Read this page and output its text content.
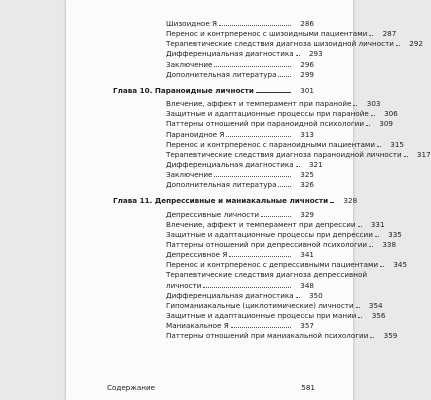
Шизоидное Я	286
Перенос и контрперенос с шизоидными пациентами	287
Терапевтические следствия диагноза шизоидной личности	292
Дифференциальная диагностика	293
Заключение	296
Дополнительная литература	299
Глава 10. Параноидные личности	301
Влечение, аффект и темперамент при паранойе	303
Защитные и адаптационные процессы при паранойе	306
Паттерны отношений при параноидной психологии	309
Параноидное Я	313
Перенос и контрперенос с параноидными пациентами	315
Терапевтические следствия диагноза параноидной личности	317
Дифференциальная диагностика	321
Заключение	325
Дополнительная литература	326
Глава 11. Депрессивные и маниакальные личности	328
Депрессивные личности	329
Влечение, аффект и темперамент при депрессии	331
Защитные и адаптационные процессы при депрессии	335
Паттерны отношений при депрессивной психологии	338
Депрессивное Я	341
Перенос и контрперенос с депрессивными пациентами	345
Терапевтические следствия диагноза депрессивной
личности	348
Дифференциальная диагностика	350
Гипоманиакальные (циклотимические) личности	354
Защитные и адаптационные процессы при мании	356
Маниакальное Я	357
Паттерны отношений при маниакальной психологии	359
Содержание	581
